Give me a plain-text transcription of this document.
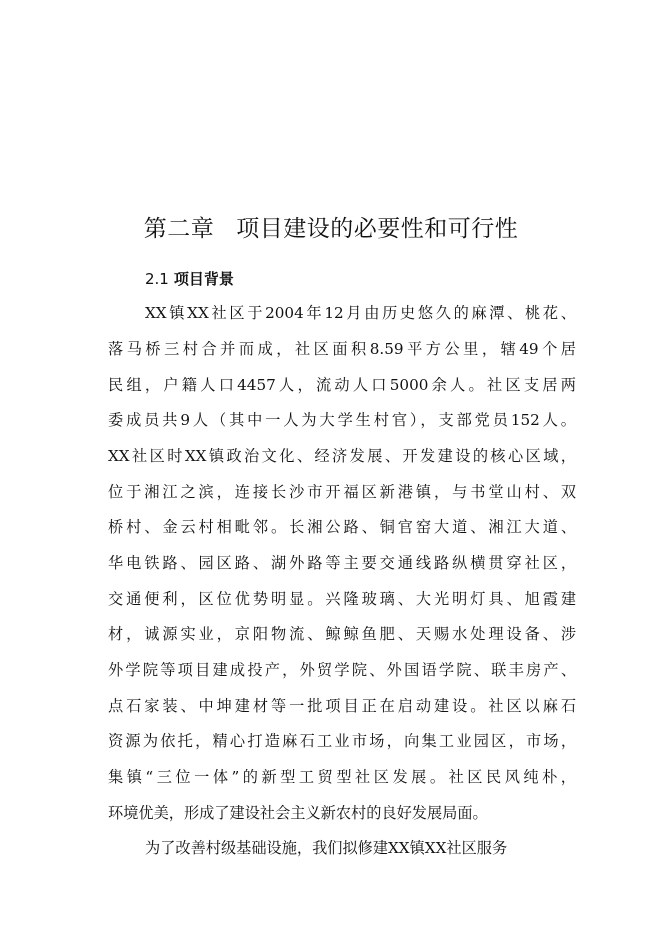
第二章 项目建设的必要性和可行性
2.1 项目背景
XX镇XX社区于2004年12月由历史悠久的麻潭、桃花、
落马桥三村合并而成，社区面积8.59平方公里，辖49个居
民组，户籍人口4457人，流动人口5000余人。社区支居两
委成员共9人（其中一人为大学生村官），支部党员152人。
XX社区时XX镇政治文化、经济发展、开发建设的核心区域，
位于湘江之滨，连接长沙市开福区新港镇，与书堂山村、双
桥村、金云村相毗邻。长湘公路、铜官窑大道、湘江大道、
华电铁路、园区路、湖外路等主要交通线路纵横贯穿社区，
交通便利，区位优势明显。兴隆玻璃、大光明灯具、旭霞建
材，诚源实业，京阳物流、鲸鲸鱼肥、天赐水处理设备、涉
外学院等项目建成投产，外贸学院、外国语学院、联丰房产、
点石家装、中坤建材等一批项目正在启动建设。社区以麻石
资源为依托，精心打造麻石工业市场，向集工业园区，市场，
集镇“三位一体”的新型工贸型社区发展。社区民风纯朴，
环境优美，形成了建设社会主义新农村的良好发展局面。
为了改善村级基础设施，我们拟修建XX镇XX社区服务
